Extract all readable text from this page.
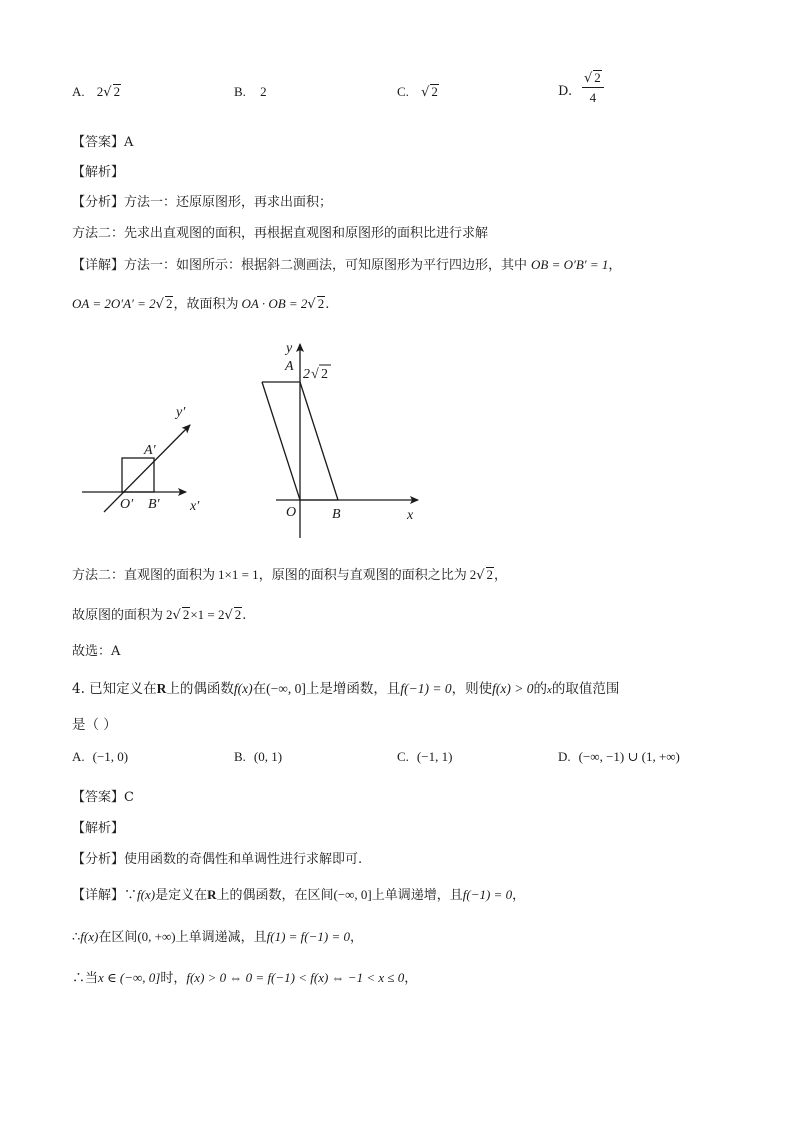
A. 2√ 2	B. 2	C. √ 2	D. $\frac{√ 2}{4}$
【答案】A
【解析】
【分析】方法一：还原原图形，再求出面积；
方法二：先求出直观图的面积，再根据直观图和原图形的面积比进行求解
【详解】方法一：如图所示：根据斜二测画法，可知原图形为平行四边形，其中 OB = O′B′ = 1，
OA = 2O′A′ = 2√ 2，故面积为 OA · OB = 2√ 2.
y′
A′
O′ B′ x′
y
2 √ 2
A
O	B	x
方法二：直观图的面积为 1×1 = 1，原图的面积与直观图的面积之比为 2√ 2，
故原图的面积为 2√ 2×1 = 2√ 2.
故选：A
4. 已知定义在R上的偶函数f(x)在(−∞, 0]上是增函数，且f(−1) = 0，则使f(x) > 0的x的取值范围
是（ ）
A. (−1, 0)	B. (0, 1)	C. (−1, 1)	D. (−∞, −1) ∪ (1, +∞)
【答案】C
【解析】
【分析】使用函数的奇偶性和单调性进行求解即可.
【详解】∵f(x)是定义在R上的偶函数，在区间(−∞, 0]上单调递增，且f(−1) = 0，
∴f(x)在区间(0, +∞)上单调递减，且f(1) = f(−1) = 0，
∴当x ∈ (−∞, 0]时，f(x) > 0 ⇔ 0 = f(−1) < f(x) ⇔ −1 < x ≤ 0，
